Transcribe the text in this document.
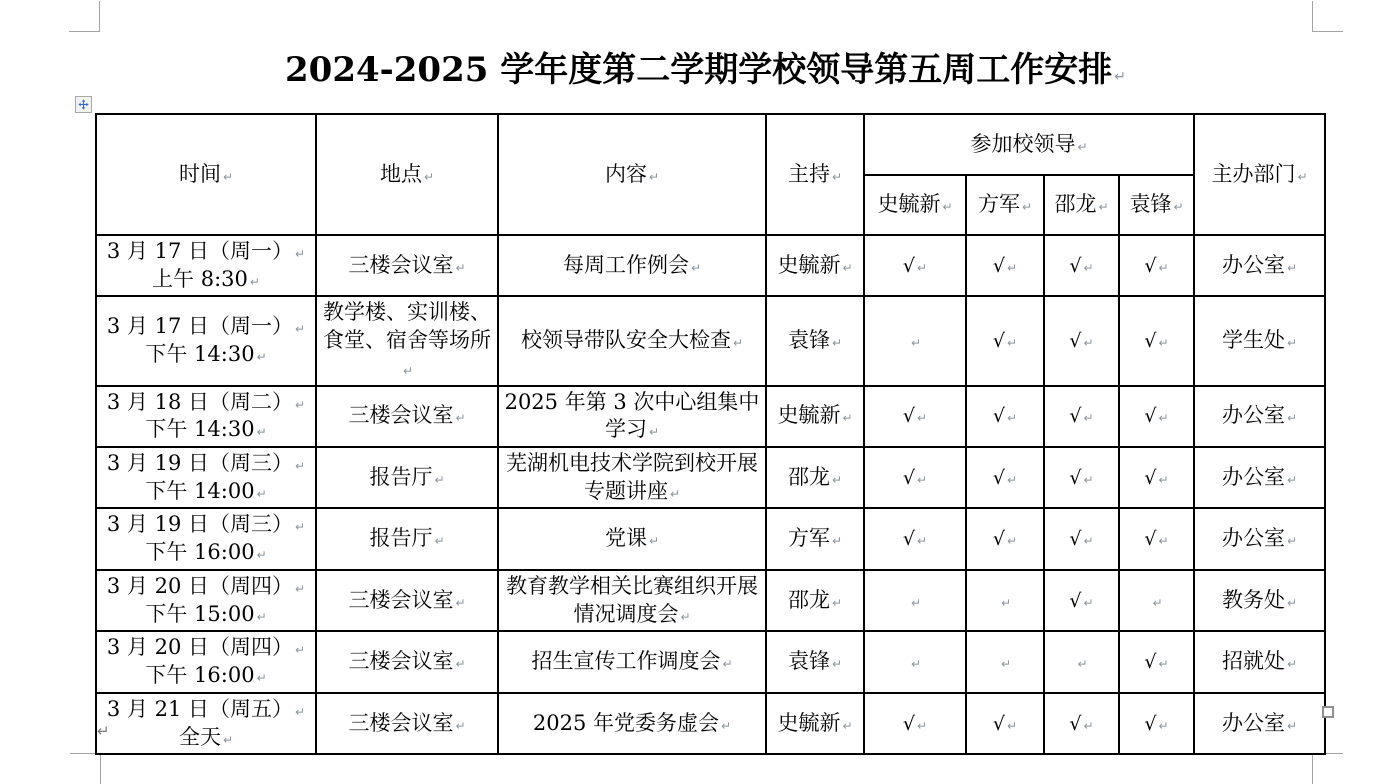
2024-2025 学年度第二学期学校领导第五周工作安排 ↵
时间 ↵	地点 ↵	内容 ↵	主持 ↵	参加校领导 ↵				主办部门 ↵
				史毓新 ↵	方军 ↵	邵龙 ↵	袁锋 ↵	

3 月 17 日（周一） ↵
上午 8:30 ↵	三楼会议室 ↵	每周工作例会 ↵	史毓新 ↵	√ ↵	√ ↵	√ ↵	√ ↵	办公室 ↵

3 月 17 日（周一） ↵
下午 14:30 ↵	教学楼、实训楼、食堂、宿舍等场所↵	校领导带队安全大检查 ↵	袁锋 ↵	↵	√ ↵	√ ↵	√ ↵	学生处 ↵

3 月 18 日（周二） ↵
下午 14:30 ↵	三楼会议室 ↵	2025 年第 3 次中心组集中学习 ↵	史毓新 ↵	√ ↵	√ ↵	√ ↵	√ ↵	办公室 ↵

3 月 19 日（周三） ↵
下午 14:00 ↵	报告厅 ↵	芜湖机电技术学院到校开展专题讲座 ↵	邵龙 ↵	√ ↵	√ ↵	√ ↵	√ ↵	办公室 ↵

3 月 19 日（周三） ↵
下午 16:00 ↵	报告厅 ↵	党课 ↵	方军 ↵	√ ↵	√ ↵	√ ↵	√ ↵	办公室 ↵

3 月 20 日（周四） ↵
下午 15:00 ↵	三楼会议室 ↵	教育教学相关比赛组织开展情况调度会 ↵	邵龙 ↵	↵	↵	√ ↵	↵	教务处 ↵

3 月 20 日（周四） ↵
下午 16:00 ↵	三楼会议室 ↵	招生宣传工作调度会 ↵	袁锋 ↵	↵	↵	↵	√ ↵	招就处 ↵

3 月 21 日（周五） ↵
全天 ↵	三楼会议室 ↵	2025 年党委务虚会 ↵	史毓新 ↵	√ ↵	√ ↵	√ ↵	√ ↵	办公室 ↵
↵
